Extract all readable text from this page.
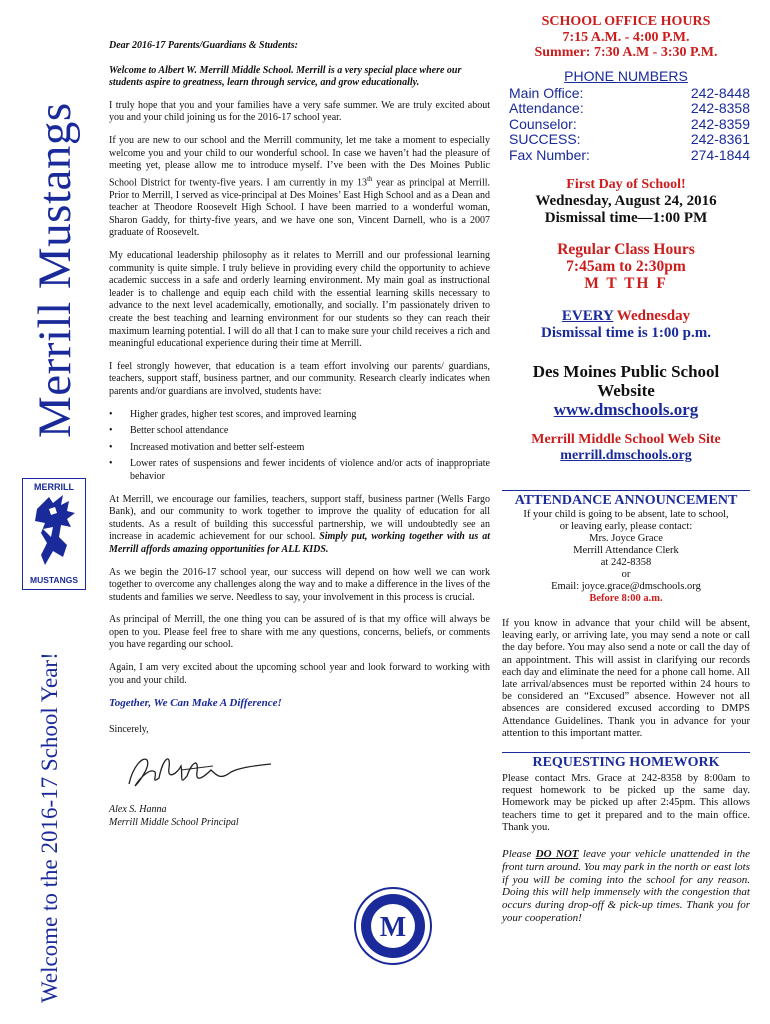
Merrill Mustangs
Welcome to the 2016-17 School Year!
MERRILL
MUSTANGS

Dear 2016-17 Parents/Guardians & Students:

Welcome to Albert W. Merrill Middle School. Merrill is a very special place where our students aspire to greatness, learn through service, and grow educationally.

I truly hope that you and your families have a very safe summer. We are truly excited about you and your child joining us for the 2016-17 school year.

If you are new to our school and the Merrill community, let me take a moment to especially welcome you and your child to our wonderful school. In case we haven’t had the pleasure of meeting yet, please allow me to introduce myself. I’ve been with the Des Moines Public School District for twenty-five years. I am currently in my 13th year as principal at Merrill. Prior to Merrill, I served as vice-principal at Des Moines’ East High School and as a Dean and teacher at Theodore Roosevelt High School. I have been married to a wonderful woman, Sharon Gaddy, for thirty-five years, and we have one son, Vincent Darnell, who is a 2007 graduate of Roosevelt.

My educational leadership philosophy as it relates to Merrill and our professional learning community is quite simple. I truly believe in providing every child the opportunity to achieve academic success in a safe and orderly learning environment. My main goal as instructional leader is to challenge and equip each child with the essential learning skills necessary to advance to the next level academically, emotionally, and socially. I’m passionately driven to create the best teaching and learning environment for our students so they can reach their maximum learning potential. I will do all that I can to make sure your child receives a rich and meaningful educational experience during their time at Merrill.

I feel strongly however, that education is a team effort involving our parents/ guardians, teachers, support staff, business partner, and our community. Research clearly indicates when parents and/or guardians are involved, students have:

• Higher grades, higher test scores, and improved learning
• Better school attendance
• Increased motivation and better self-esteem
• Lower rates of suspensions and fewer incidents of violence and/or acts of inappropriate behavior

At Merrill, we encourage our families, teachers, support staff, business partner (Wells Fargo Bank), and our community to work together to improve the quality of education for all students. As a result of building this successful partnership, we will undoubtedly see an increase in academic achievement for our school. Simply put, working together with us at Merrill affords amazing opportunities for ALL KIDS.

As we begin the 2016-17 school year, our success will depend on how well we can work together to overcome any challenges along the way and to make a difference in the lives of the students and families we serve. Needless to say, your involvement in this process is crucial.

As principal of Merrill, the one thing you can be assured of is that my office will always be open to you. Please feel free to share with me any questions, concerns, beliefs, or comments you have regarding our school.

Again, I am very excited about the upcoming school year and look forward to working with you and your child.

Together, We Can Make A Difference!

Sincerely,

Alex S. Hanna

Merrill Middle School Principal

M
SCHOOL OFFICE HOURS
7:15 A.M. - 4:00 P.M.
Summer: 7:30 A.M - 3:30 P.M.
PHONE NUMBERS
Main Office:	242-8448
Attendance:	242-8358
Counselor:	242-8359
SUCCESS:	242-8361
Fax Number:	274-1844
First Day of School!
Wednesday, August 24, 2016
Dismissal time—1:00 PM
Regular Class Hours
7:45am to 2:30pm
M T TH F
EVERY Wednesday
Dismissal time is 1:00 p.m.
Des Moines Public School Website
www.dmschools.org
Merrill Middle School Web Site
merrill.dmschools.org
ATTENDANCE ANNOUNCEMENT
If your child is going to be absent, late to school,
or leaving early, please contact:
Mrs. Joyce Grace
Merrill Attendance Clerk
at 242-8358
or
Email: joyce.grace@dmschools.org
Before 8:00 a.m.
If you know in advance that your child will be absent, leaving early, or arriving late, you may send a note or call the day before. You may also send a note or call the day of an appointment. This will assist in clarifying our records each day and eliminate the need for a phone call home. All late arrival/absences must be reported within 24 hours to be considered an “Excused” absence. However not all absences are considered excused according to DMPS Attendance Guidelines. Thank you in advance for your attention to this important matter.
REQUESTING HOMEWORK
Please contact Mrs. Grace at 242-8358 by 8:00am to request homework to be picked up the same day. Homework may be picked up after 2:45pm. This allows teachers time to get it prepared and to the main office. Thank you.
Please DO NOT leave your vehicle unattended in the front turn around. You may park in the north or east lots if you will be coming into the school for any reason. Doing this will help immensely with the congestion that occurs during drop-off & pick-up times. Thank you for your cooperation!
